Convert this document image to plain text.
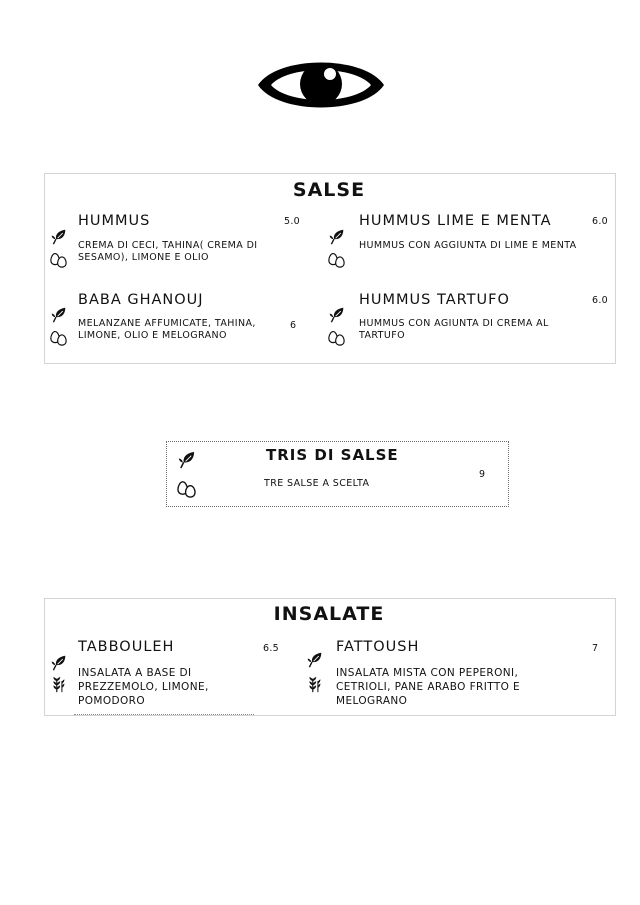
SALSE
HUMMUS	5.0
CREMA DI CECI, TAHINA( CREMA DI SESAMO), LIMONE E OLIO
HUMMUS LIME E MENTA	6.0
HUMMUS CON AGGIUNTA DI LIME E MENTA
BABA GHANOUJ
6
MELANZANE AFFUMICATE, TAHINA, LIMONE, OLIO E MELOGRANO
HUMMUS TARTUFO	6.0
HUMMUS CON AGIUNTA DI CREMA AL TARTUFO
TRIS DI SALSE
TRE SALSE A SCELTA
9
INSALATE
TABBOULEH	6.5
INSALATA A BASE DI PREZZEMOLO, LIMONE, POMODORO
FATTOUSH	7
INSALATA MISTA CON PEPERONI, CETRIOLI, PANE ARABO FRITTO E MELOGRANO
